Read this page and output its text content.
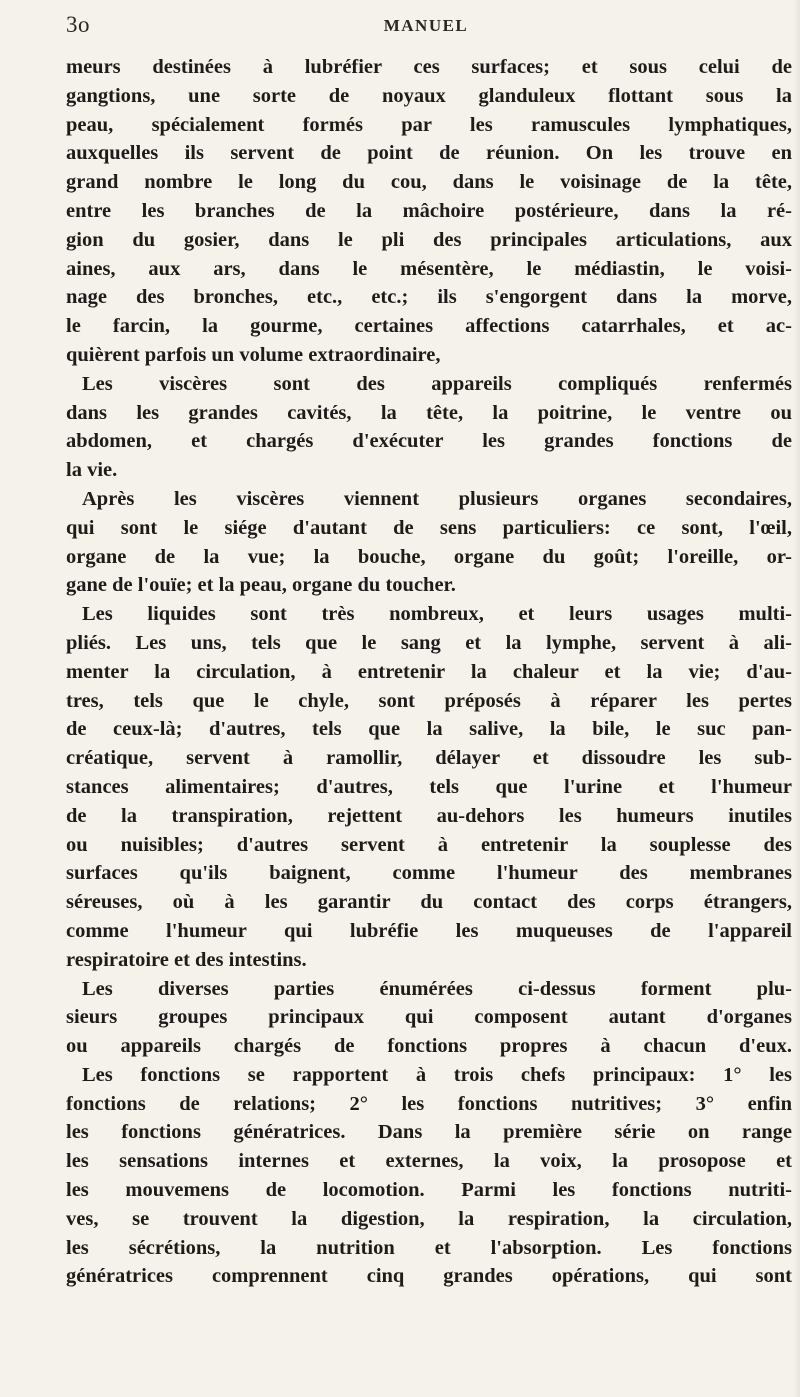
3o	MANUEL
meurs destinées à lubréfier ces surfaces; et sous celui de
gangtions, une sorte de noyaux glanduleux flottant sous la
peau, spécialement formés par les ramuscules lymphatiques,
auxquelles ils servent de point de réunion. On les trouve en
grand nombre le long du cou, dans le voisinage de la tête,
entre les branches de la mâchoire postérieure, dans la ré-
gion du gosier, dans le pli des principales articulations, aux
aines, aux ars, dans le mésentère, le médiastin, le voisi-
nage des bronches, etc., etc.; ils s'engorgent dans la morve,
le farcin, la gourme, certaines affections catarrhales, et ac-
quièrent parfois un volume extraordinaire,
Les viscères sont des appareils compliqués renfermés
dans les grandes cavités, la tête, la poitrine, le ventre ou
abdomen, et chargés d'exécuter les grandes fonctions de
la vie.
Après les viscères viennent plusieurs organes secondaires,
qui sont le siége d'autant de sens particuliers: ce sont, l'œil,
organe de la vue; la bouche, organe du goût; l'oreille, or-
gane de l'ouïe; et la peau, organe du toucher.
Les liquides sont très nombreux, et leurs usages multi-
pliés. Les uns, tels que le sang et la lymphe, servent à ali-
menter la circulation, à entretenir la chaleur et la vie; d'au-
tres, tels que le chyle, sont préposés à réparer les pertes
de ceux-là; d'autres, tels que la salive, la bile, le suc pan-
créatique, servent à ramollir, délayer et dissoudre les sub-
stances alimentaires; d'autres, tels que l'urine et l'humeur
de la transpiration, rejettent au-dehors les humeurs inutiles
ou nuisibles; d'autres servent à entretenir la souplesse des
surfaces qu'ils baignent, comme l'humeur des membranes
séreuses, où à les garantir du contact des corps étrangers,
comme l'humeur qui lubréfie les muqueuses de l'appareil
respiratoire et des intestins.
Les diverses parties énumérées ci-dessus forment plu-
sieurs groupes principaux qui composent autant d'organes
ou appareils chargés de fonctions propres à chacun d'eux.
Les fonctions se rapportent à trois chefs principaux: 1° les
fonctions de relations; 2° les fonctions nutritives; 3° enfin
les fonctions génératrices. Dans la première série on range
les sensations internes et externes, la voix, la prosopose et
les mouvemens de locomotion. Parmi les fonctions nutriti-
ves, se trouvent la digestion, la respiration, la circulation,
les sécrétions, la nutrition et l'absorption. Les fonctions
génératrices comprennent cinq grandes opérations, qui sont
